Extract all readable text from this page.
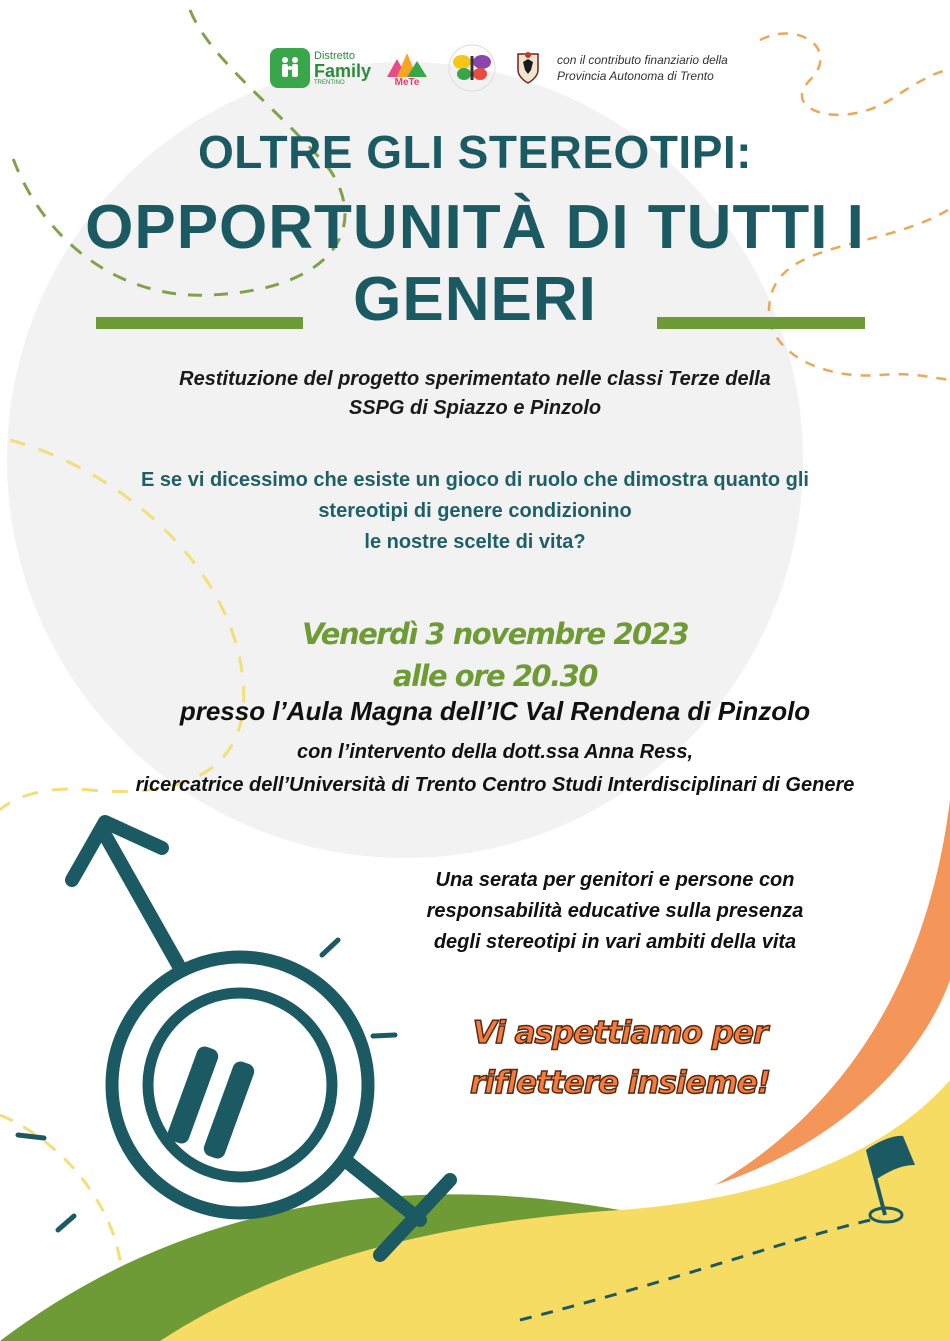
Distretto
Family
TRENTINO	MeTe
con il contributo finanziario della
Provincia Autonoma di Trento
OLTRE GLI STEREOTIPI:
OPPORTUNITÀ DI TUTTI I GENERI
Restituzione del progetto sperimentato nelle classi Terze della
SSPG di Spiazzo e Pinzolo
E se vi dicessimo che esiste un gioco di ruolo che dimostra quanto gli
stereotipi di genere condizionino
le nostre scelte di vita?
Venerdì 3 novembre 2023
alle ore 20.30
presso l’Aula Magna dell’IC Val Rendena di Pinzolo
con l’intervento della dott.ssa Anna Ress,
ricercatrice dell’Università di Trento Centro Studi Interdisciplinari di Genere
Una serata per genitori e persone con
responsabilità educative sulla presenza
degli stereotipi in vari ambiti della vita
Vi aspettiamo per
riflettere insieme!
